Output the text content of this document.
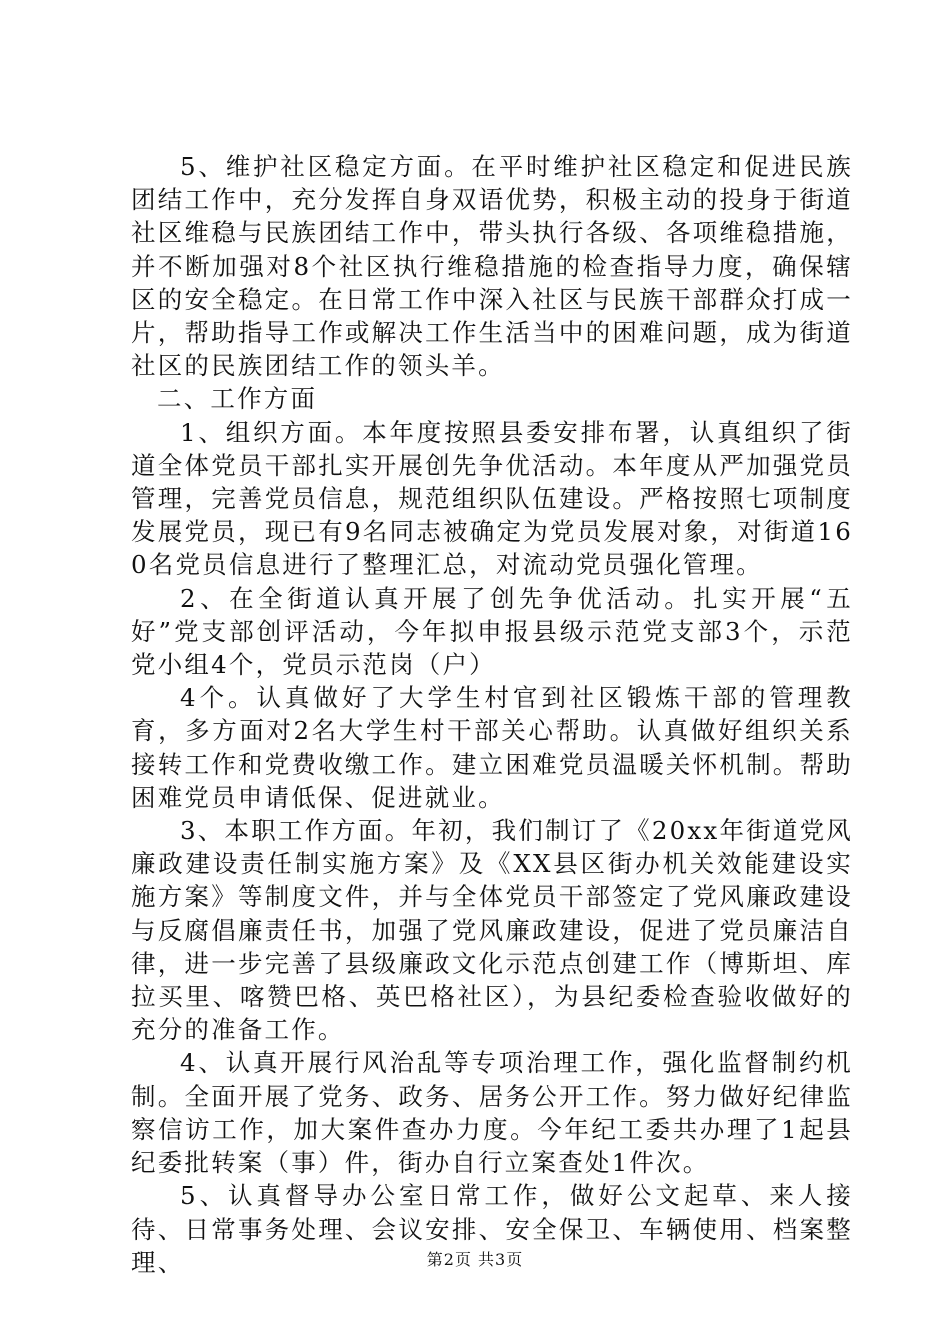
5、维护社区稳定方面。在平时维护社区稳定和促进民族团结工作中，充分发挥自身双语优势，积极主动的投身于街道社区维稳与民族团结工作中，带头执行各级、各项维稳措施，并不断加强对8个社区执行维稳措施的检查指导力度，确保辖区的安全稳定。在日常工作中深入社区与民族干部群众打成一片，帮助指导工作或解决工作生活当中的困难问题，成为街道社区的民族团结工作的领头羊。

二、工作方面

1、组织方面。本年度按照县委安排布署，认真组织了街道全体党员干部扎实开展创先争优活动。本年度从严加强党员管理，完善党员信息，规范组织队伍建设。严格按照七项制度发展党员，现已有9名同志被确定为党员发展对象，对街道160名党员信息进行了整理汇总，对流动党员强化管理。

2、在全街道认真开展了创先争优活动。扎实开展“五好”党支部创评活动，今年拟申报县级示范党支部3个，示范党小组4个，党员示范岗（户）

4个。认真做好了大学生村官到社区锻炼干部的管理教育，多方面对2名大学生村干部关心帮助。认真做好组织关系接转工作和党费收缴工作。建立困难党员温暖关怀机制。帮助困难党员申请低保、促进就业。

3、本职工作方面。年初，我们制订了《20xx年街道党风廉政建设责任制实施方案》及《XX县区街办机关效能建设实施方案》等制度文件，并与全体党员干部签定了党风廉政建设与反腐倡廉责任书，加强了党风廉政建设，促进了党员廉洁自律，进一步完善了县级廉政文化示范点创建工作（博斯坦、库拉买里、喀赞巴格、英巴格社区），为县纪委检查验收做好的充分的准备工作。

4、认真开展行风治乱等专项治理工作，强化监督制约机制。全面开展了党务、政务、居务公开工作。努力做好纪律监察信访工作，加大案件查办力度。今年纪工委共办理了1起县纪委批转案（事）件，街办自行立案查处1件次。

5、认真督导办公室日常工作，做好公文起草、来人接待、日常事务处理、会议安排、安全保卫、车辆使用、档案整理、	第2页 共3页
